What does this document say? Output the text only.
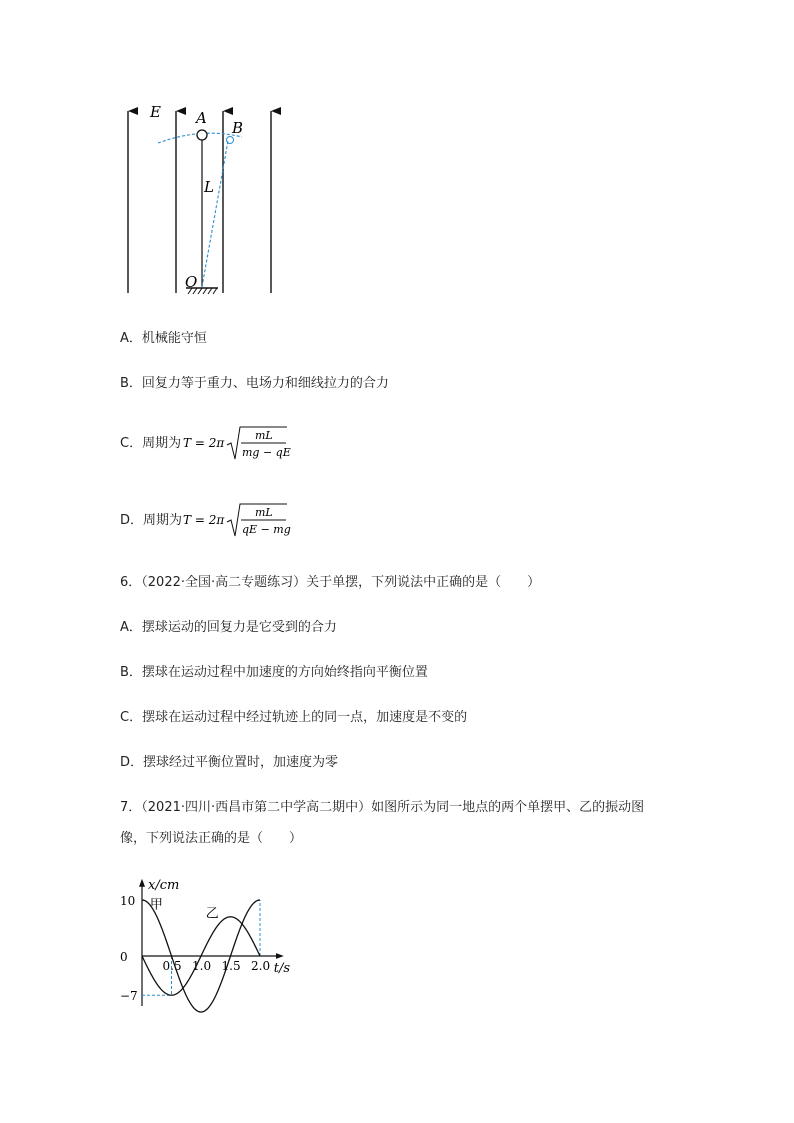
E A
B
L
O
A．机械能守恒
B．回复力等于重力、电场力和细线拉力的合力
C．周期为 T = 2π
mL
mg − qE
D．周期为 T = 2π
mL
qE − mg
6．（2022·全国·高二专题练习）关于单摆，下列说法中正确的是（　　）
A．摆球运动的回复力是它受到的合力
B．摆球在运动过程中加速度的方向始终指向平衡位置
C．摆球在运动过程中经过轨迹上的同一点，加速度是不变的
D．摆球经过平衡位置时，加速度为零
7．（2021·四川·西昌市第二中学高二期中）如图所示为同一地点的两个单摆甲、乙的振动图
像，下列说法正确的是（　　）
x/cm
t/s
0.5 1.0 1.5 2.0
10
0
−7
甲
乙
